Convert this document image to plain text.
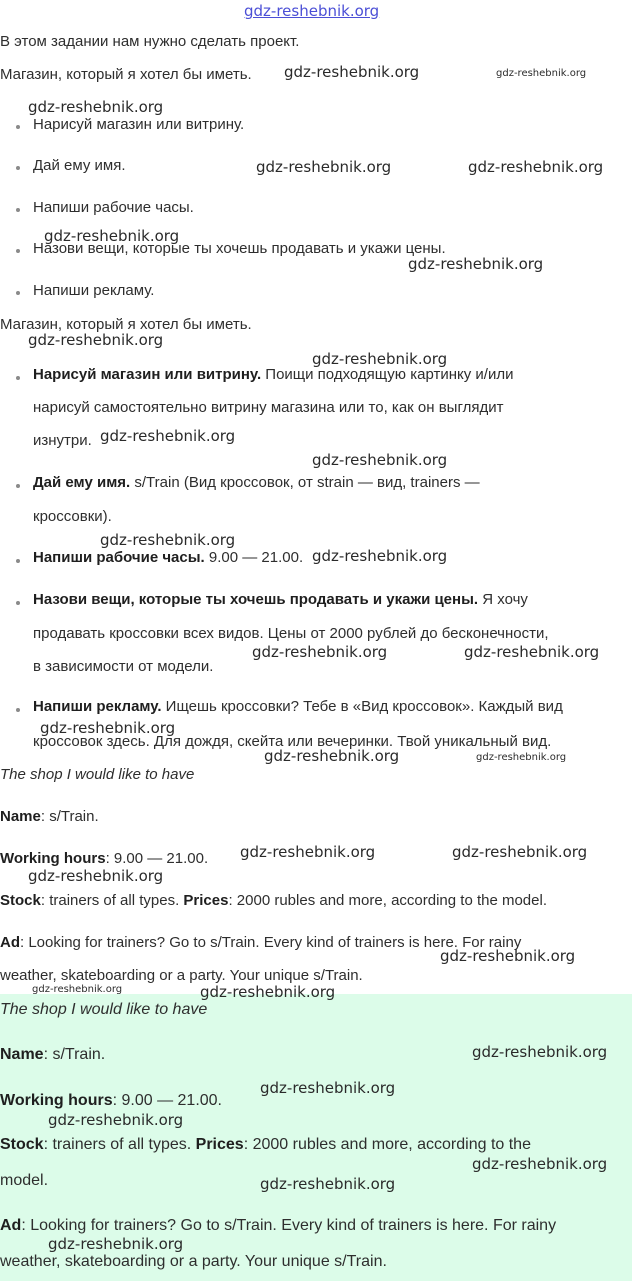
gdz-reshebnik.org
В этом задании нам нужно сделать проект.
Магазин, который я хотел бы иметь.
Нарисуй магазин или витрину.
Дай ему имя.
Напиши рабочие часы.
Назови вещи, которые ты хочешь продавать и укажи цены.
Напиши рекламу.
Магазин, который я хотел бы иметь.
Нарисуй магазин или витрину. Поищи подходящую картинку и/или
нарисуй самостоятельно витрину магазина или то, как он выглядит
изнутри.
Дай ему имя. s/Train (Вид кроссовок, от strain — вид, trainers —
кроссовки).
Напиши рабочие часы. 9.00 — 21.00.
Назови вещи, которые ты хочешь продавать и укажи цены. Я хочу
продавать кроссовки всех видов. Цены от 2000 рублей до бесконечности,
в зависимости от модели.
Напиши рекламу. Ищешь кроссовки? Тебе в «Вид кроссовок». Каждый вид
кроссовок здесь. Для дождя, скейта или вечеринки. Твой уникальный вид.
The shop I would like to have
Name: s/Train.
Working hours: 9.00 — 21.00.
Stock: trainers of all types. Prices: 2000 rubles and more, according to the model.
Ad: Looking for trainers? Go to s/Train. Every kind of trainers is here. For rainy
weather, skateboarding or a party. Your unique s/Train.
The shop I would like to have
Name: s/Train.
Working hours: 9.00 — 21.00.
Stock: trainers of all types. Prices: 2000 rubles and more, according to the
model.
Ad: Looking for trainers? Go to s/Train. Every kind of trainers is here. For rainy
weather, skateboarding or a party. Your unique s/Train.
gdz-reshebnik.org	gdz-reshebnik.org
gdz-reshebnik.org
gdz-reshebnik.org	gdz-reshebnik.org
gdz-reshebnik.org
gdz-reshebnik.org
gdz-reshebnik.org
gdz-reshebnik.org
gdz-reshebnik.org
gdz-reshebnik.org
gdz-reshebnik.org
gdz-reshebnik.org
gdz-reshebnik.org	gdz-reshebnik.org
gdz-reshebnik.org
gdz-reshebnik.org	gdz-reshebnik.org
gdz-reshebnik.org	gdz-reshebnik.org
gdz-reshebnik.org
gdz-reshebnik.org
gdz-reshebnik.org	gdz-reshebnik.org
gdz-reshebnik.org
gdz-reshebnik.org
gdz-reshebnik.org
gdz-reshebnik.org
gdz-reshebnik.org
gdz-reshebnik.org
